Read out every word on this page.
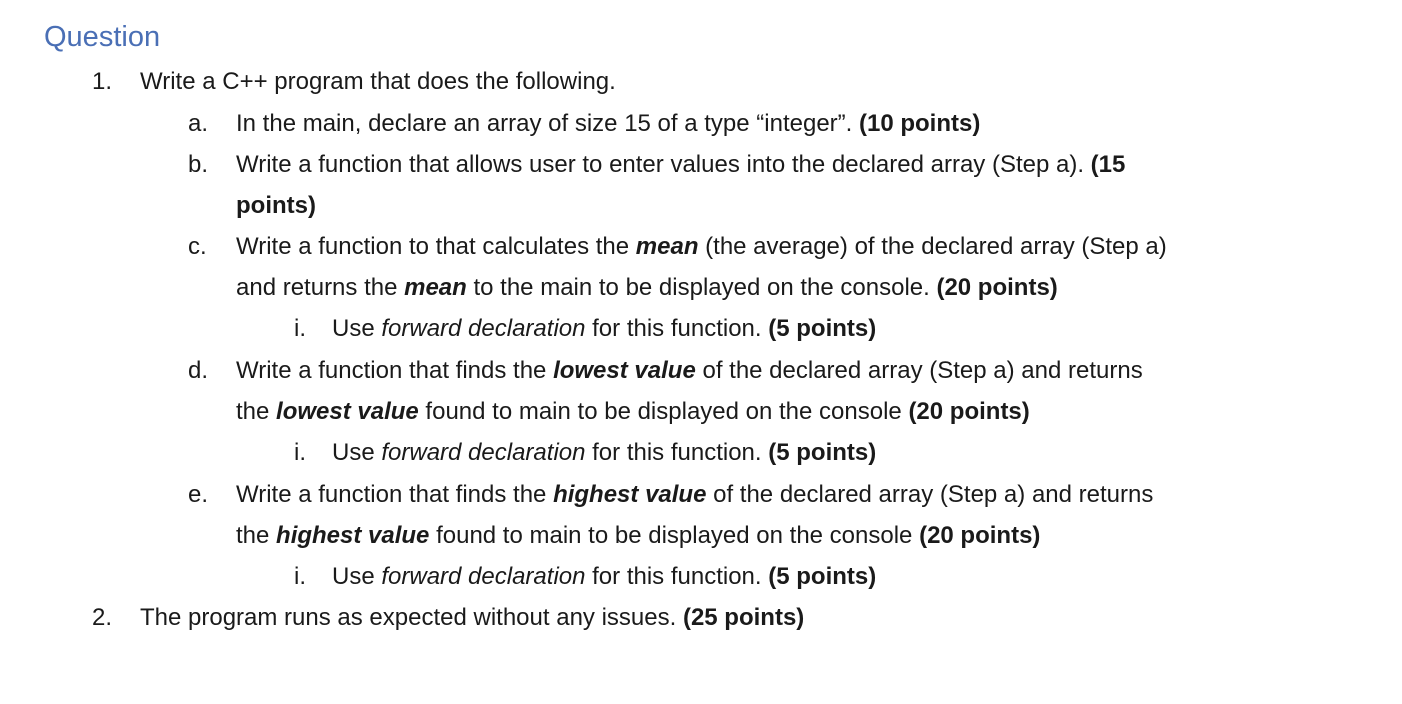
Question
1. Write a C++ program that does the following.
a. In the main, declare an array of size 15 of a type “integer”. (10 points)
b. Write a function that allows user to enter values into the declared array (Step a). (15
points)
c. Write a function to that calculates the mean (the average) of the declared array (Step a)
and returns the mean to the main to be displayed on the console. (20 points)
i. Use forward declaration for this function. (5 points)
d. Write a function that finds the lowest value of the declared array (Step a) and returns
the lowest value found to main to be displayed on the console (20 points)
i. Use forward declaration for this function. (5 points)
e. Write a function that finds the highest value of the declared array (Step a) and returns
the highest value found to main to be displayed on the console (20 points)
i. Use forward declaration for this function. (5 points)
2. The program runs as expected without any issues. (25 points)
